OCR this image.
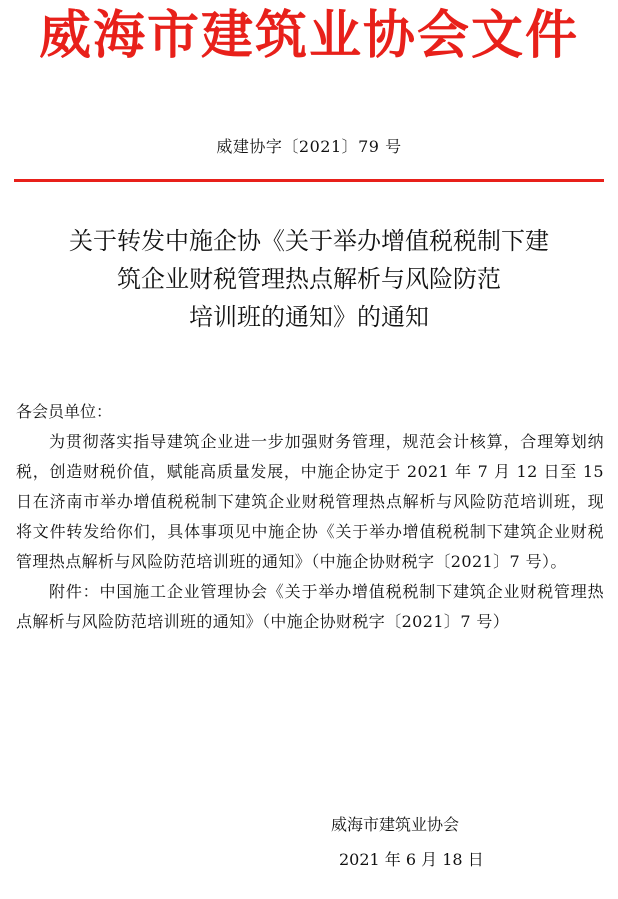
威海市建筑业协会文件
威建协字〔2021〕79 号
关于转发中施企协《关于举办增值税税制下建
筑企业财税管理热点解析与风险防范
培训班的通知》的通知
各会员单位：
为贯彻落实指导建筑企业进一步加强财务管理，规范会计核算，合理筹划纳税，创造财税价值，赋能高质量发展，中施企协定于 2021 年 7 月 12 日至 15 日在济南市举办增值税税制下建筑企业财税管理热点解析与风险防范培训班，现将文件转发给你们，具体事项见中施企协《关于举办增值税税制下建筑企业财税管理热点解析与风险防范培训班的通知》（中施企协财税字〔2021〕7 号）。
附件：中国施工企业管理协会《关于举办增值税税制下建筑企业财税管理热点解析与风险防范培训班的通知》（中施企协财税字〔2021〕7 号）
威海市建筑业协会
2021 年 6 月 18 日
